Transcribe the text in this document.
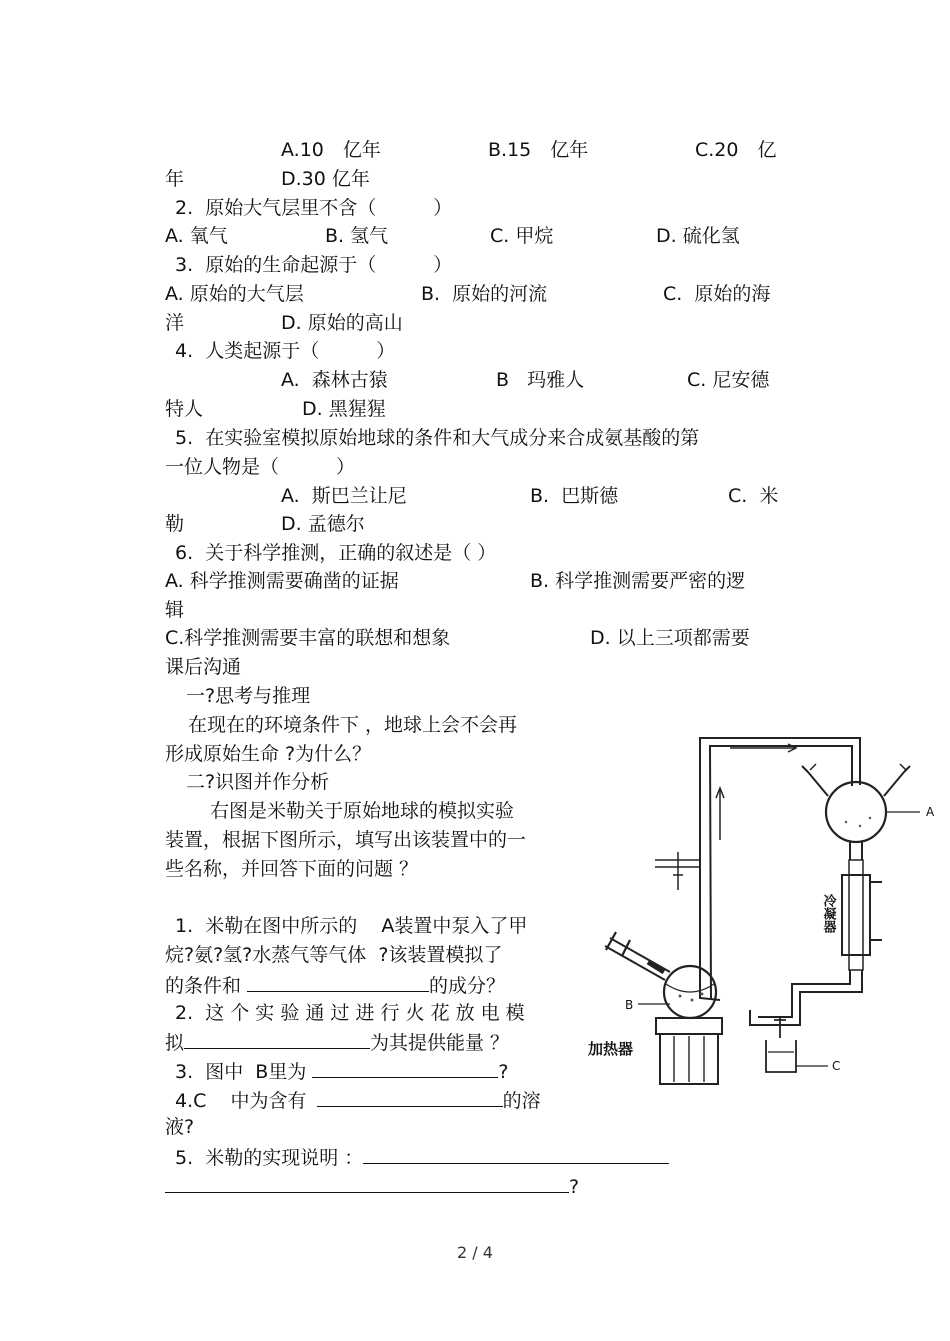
A.10　亿年	B.15　亿年	C.20　亿
年	D.30 亿年
2.  原始大气层里不含（　　　）
A. 氧气	B. 氢气	C. 甲烷	D. 硫化氢
3.  原始的生命起源于（　　　）
A. 原始的大气层	B.  原始的河流	C.  原始的海
洋	D. 原始的高山
4.  人类起源于（　　　）
A.  森林古猿	B   玛雅人	C. 尼安德
特人	D. 黑猩猩
5.  在实验室模拟原始地球的条件和大气成分来合成氨基酸的第
一位人物是（　　　）
A.  斯巴兰让尼	B.  巴斯德	C.  米
勒	D. 孟德尔
6.  关于科学推测，正确的叙述是（ ）
A. 科学推测需要确凿的证据	B. 科学推测需要严密的逻
辑
C.科学推测需要丰富的联想和想象	D. 以上三项都需要
课后沟通
一?思考与推理
在现在的环境条件下 ，地球上会不会再
形成原始生命 ?为什么？
二?识图并作分析
右图是米勒关于原始地球的模拟实验
装置，根据下图所示，填写出该装置中的一
些名称，并回答下面的问题 ？
1.  米勒在图中所示的    A装置中泵入了甲
烷?氨?氢?水蒸气等气体  ?该装置模拟了
的条件和	的成分？
2.  这 个 实 验 通 过 进 行 火 花 放 电 模
拟	为其提供能量 ？
3.  图中  B里为	?
4.C    中为含有	的溶
液?
5.  米勒的实现说明 ：
?
A
B
C
加热器
冷凝器
2 / 4
